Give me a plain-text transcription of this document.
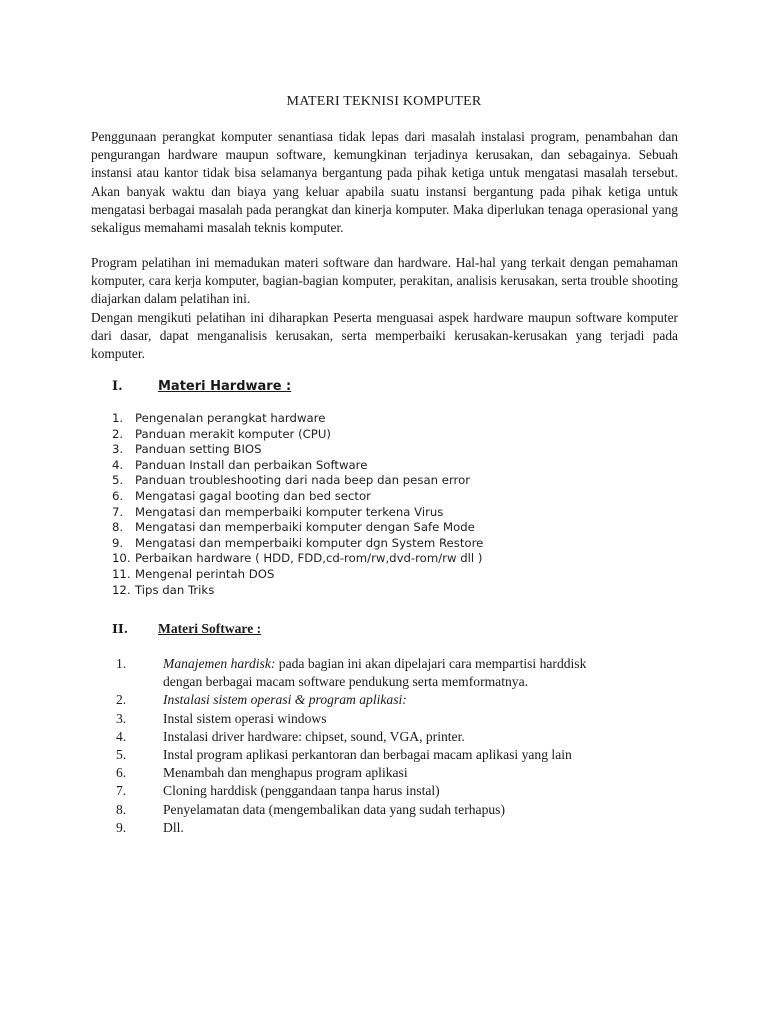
MATERI TEKNISI KOMPUTER

Penggunaan perangkat komputer senantiasa tidak lepas dari masalah instalasi program, penambahan dan pengurangan hardware maupun software, kemungkinan terjadinya kerusakan, dan sebagainya. Sebuah instansi atau kantor tidak bisa selamanya bergantung pada pihak ketiga untuk mengatasi masalah tersebut. Akan banyak waktu dan biaya yang keluar apabila suatu instansi bergantung pada pihak ketiga untuk mengatasi berbagai masalah pada perangkat dan kinerja komputer. Maka diperlukan tenaga operasional yang sekaligus memahami masalah teknis komputer.

Program pelatihan ini memadukan materi software dan hardware. Hal-hal yang terkait dengan pemahaman komputer, cara kerja komputer, bagian-bagian komputer, perakitan, analisis kerusakan, serta trouble shooting diajarkan dalam pelatihan ini.

Dengan mengikuti pelatihan ini diharapkan Peserta menguasai aspek hardware maupun software komputer dari dasar, dapat menganalisis kerusakan, serta memperbaiki kerusakan-kerusakan yang terjadi pada komputer.

I.	Materi Hardware :
1. Pengenalan perangkat hardware
2. Panduan merakit komputer (CPU)
3. Panduan setting BIOS
4. Panduan Install dan perbaikan Software
5. Panduan troubleshooting dari nada beep dan pesan error
6. Mengatasi gagal booting dan bed sector
7. Mengatasi dan memperbaiki komputer terkena Virus
8. Mengatasi dan memperbaiki komputer dengan Safe Mode
9. Mengatasi dan memperbaiki komputer dgn System Restore
10. Perbaikan hardware ( HDD, FDD,cd-rom/rw,dvd-rom/rw dll )
11. Mengenal perintah DOS
12. Tips dan Triks
II. Materi Software :
1.	Manajemen hardisk: pada bagian ini akan dipelajari cara mempartisi harddisk
dengan berbagai macam software pendukung serta memformatnya.
2.	Instalasi sistem operasi & program aplikasi:
3.	Instal sistem operasi windows
4.	Instalasi driver hardware: chipset, sound, VGA, printer.
5.	Instal program aplikasi perkantoran dan berbagai macam aplikasi yang lain
6.	Menambah dan menghapus program aplikasi
7.	Cloning harddisk (penggandaan tanpa harus instal)
8.	Penyelamatan data (mengembalikan data yang sudah terhapus)
9.	Dll.
